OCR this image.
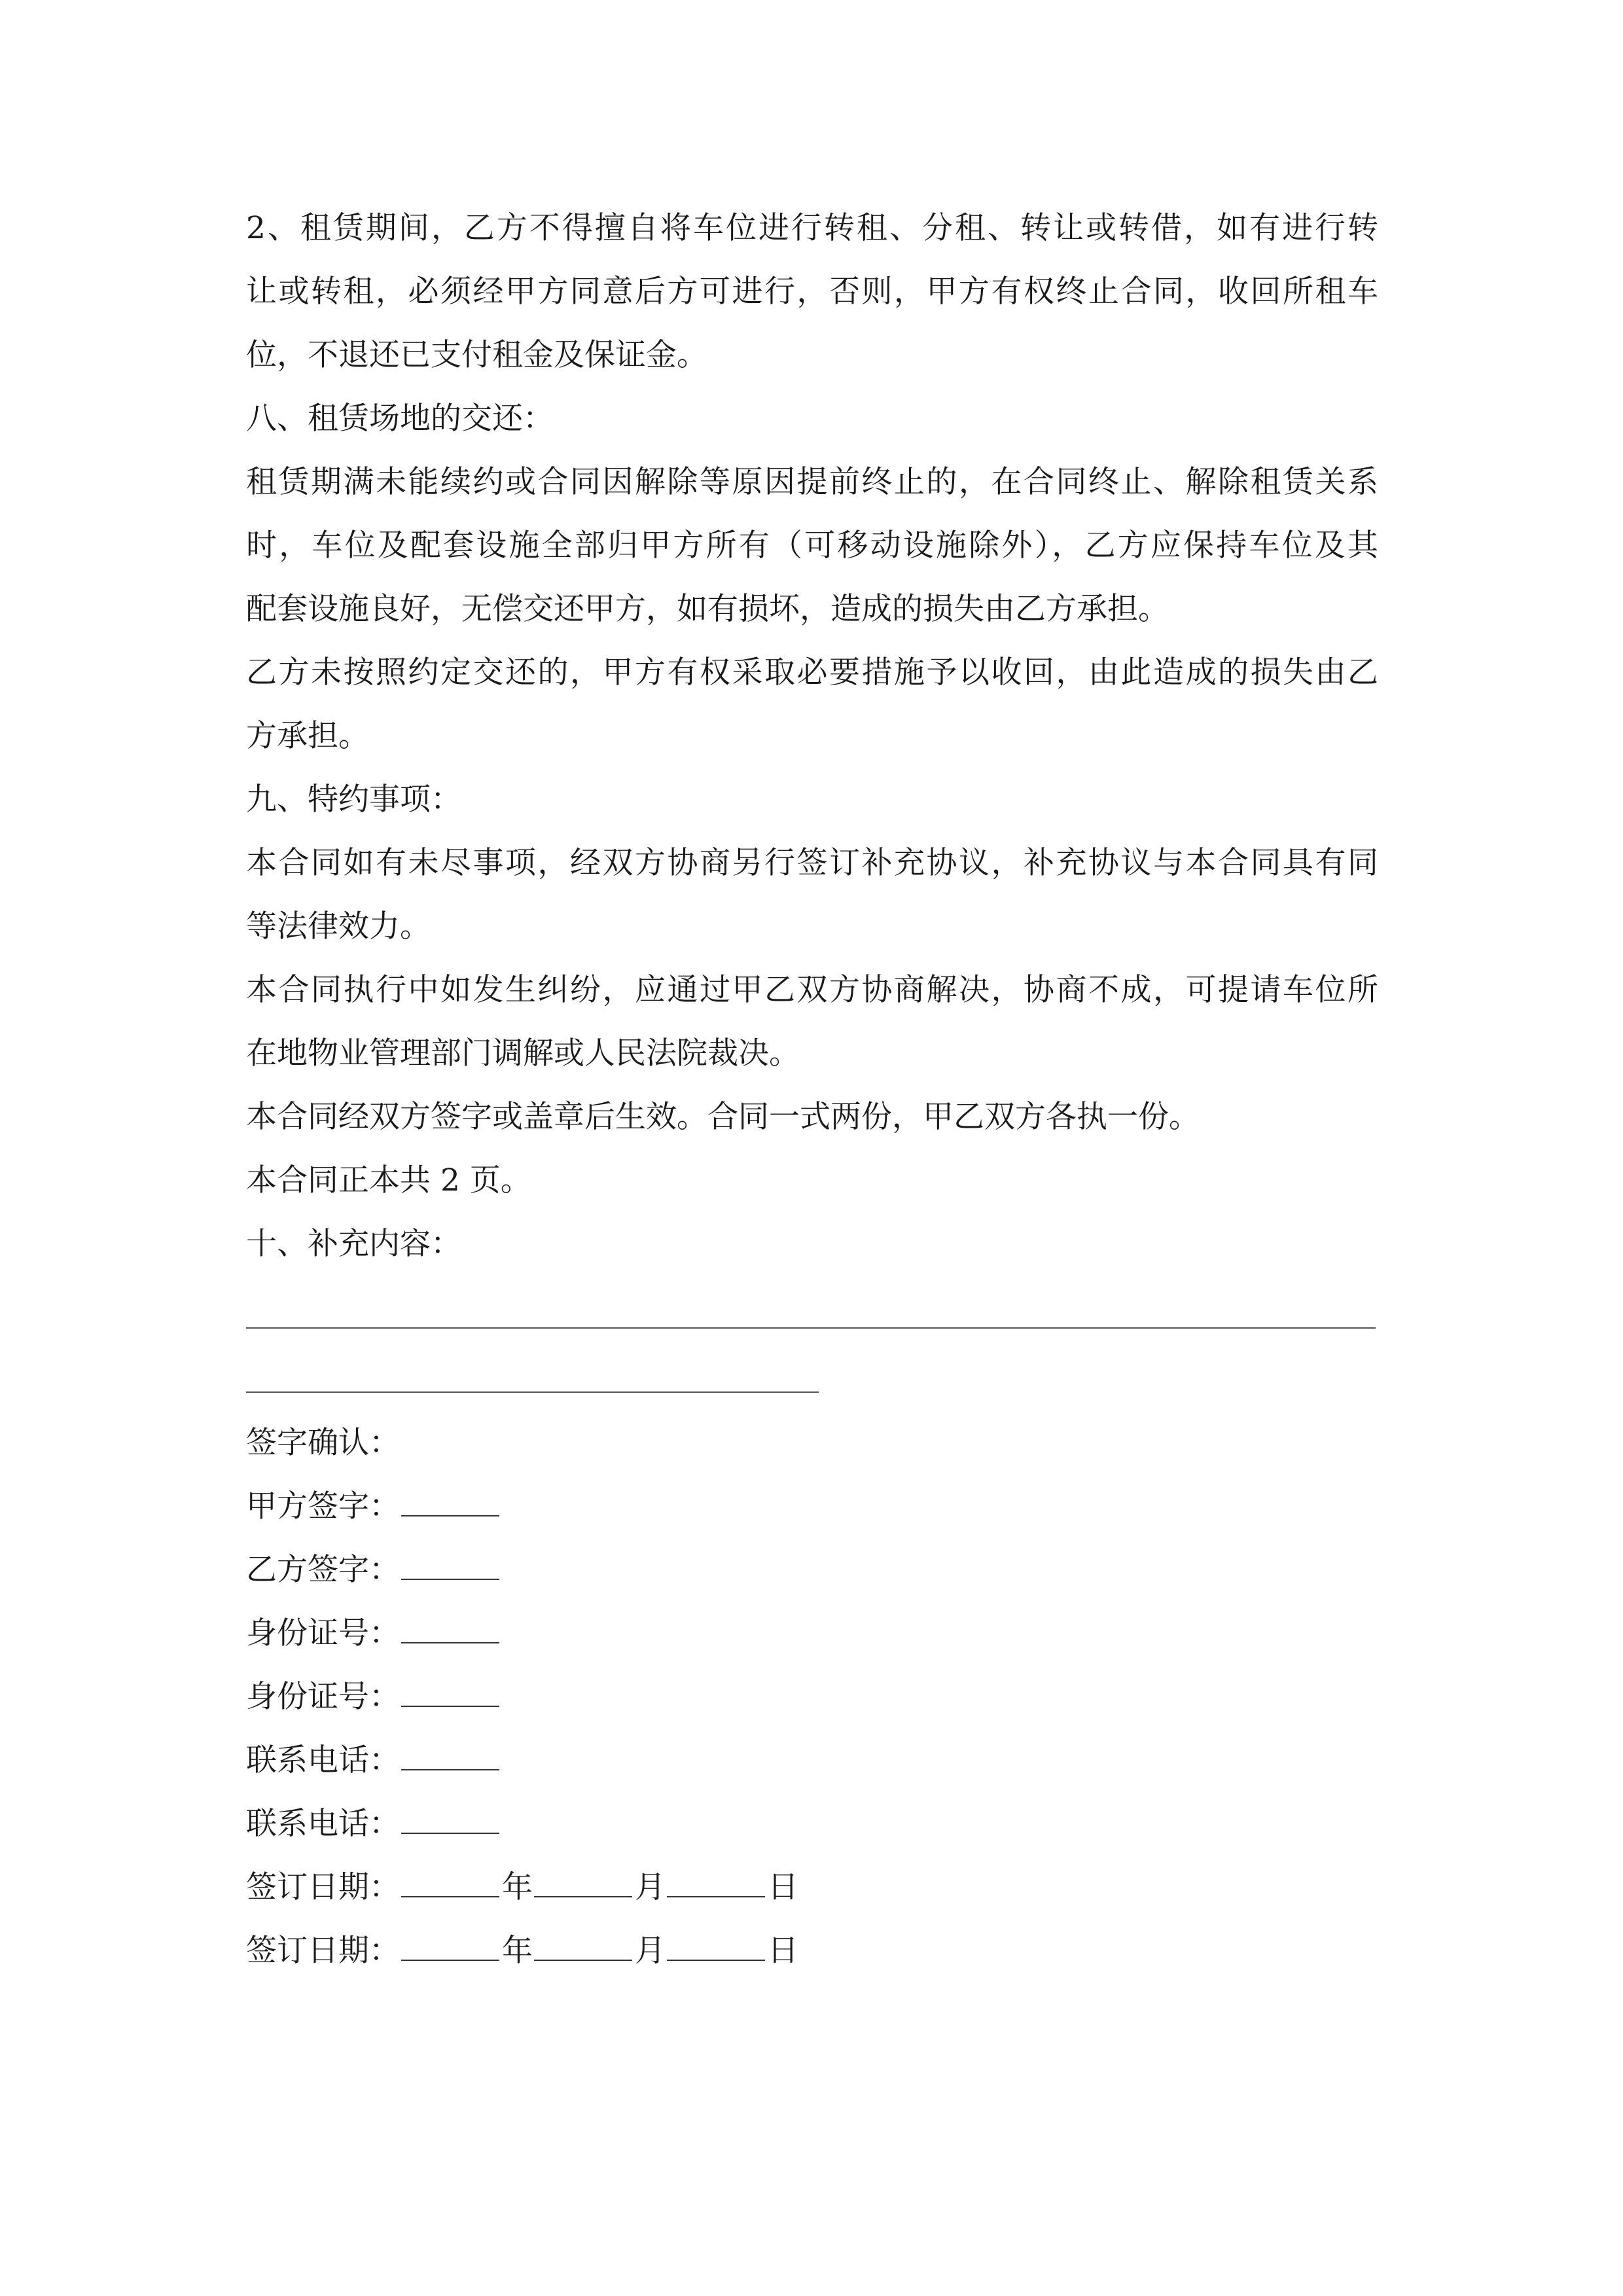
2、租赁期间，乙方不得擅自将车位进行转租、分租、转让或转借，如有进行转
让或转租，必须经甲方同意后方可进行，否则，甲方有权终止合同，收回所租车
位，不退还已支付租金及保证金。
八、租赁场地的交还：
租赁期满未能续约或合同因解除等原因提前终止的，在合同终止、解除租赁关系
时，车位及配套设施全部归甲方所有（可移动设施除外），乙方应保持车位及其
配套设施良好，无偿交还甲方，如有损坏，造成的损失由乙方承担。
乙方未按照约定交还的，甲方有权采取必要措施予以收回，由此造成的损失由乙
方承担。
九、特约事项：
本合同如有未尽事项，经双方协商另行签订补充协议，补充协议与本合同具有同
等法律效力。
本合同执行中如发生纠纷，应通过甲乙双方协商解决，协商不成，可提请车位所
在地物业管理部门调解或人民法院裁决。
本合同经双方签字或盖章后生效。合同一式两份，甲乙双方各执一份。
本合同正本共 2 页。
十、补充内容：
签字确认：
甲方签字：
乙方签字：
身份证号：
身份证号：
联系电话：
联系电话：
签订日期：	年	月	日
签订日期：	年	月	日
